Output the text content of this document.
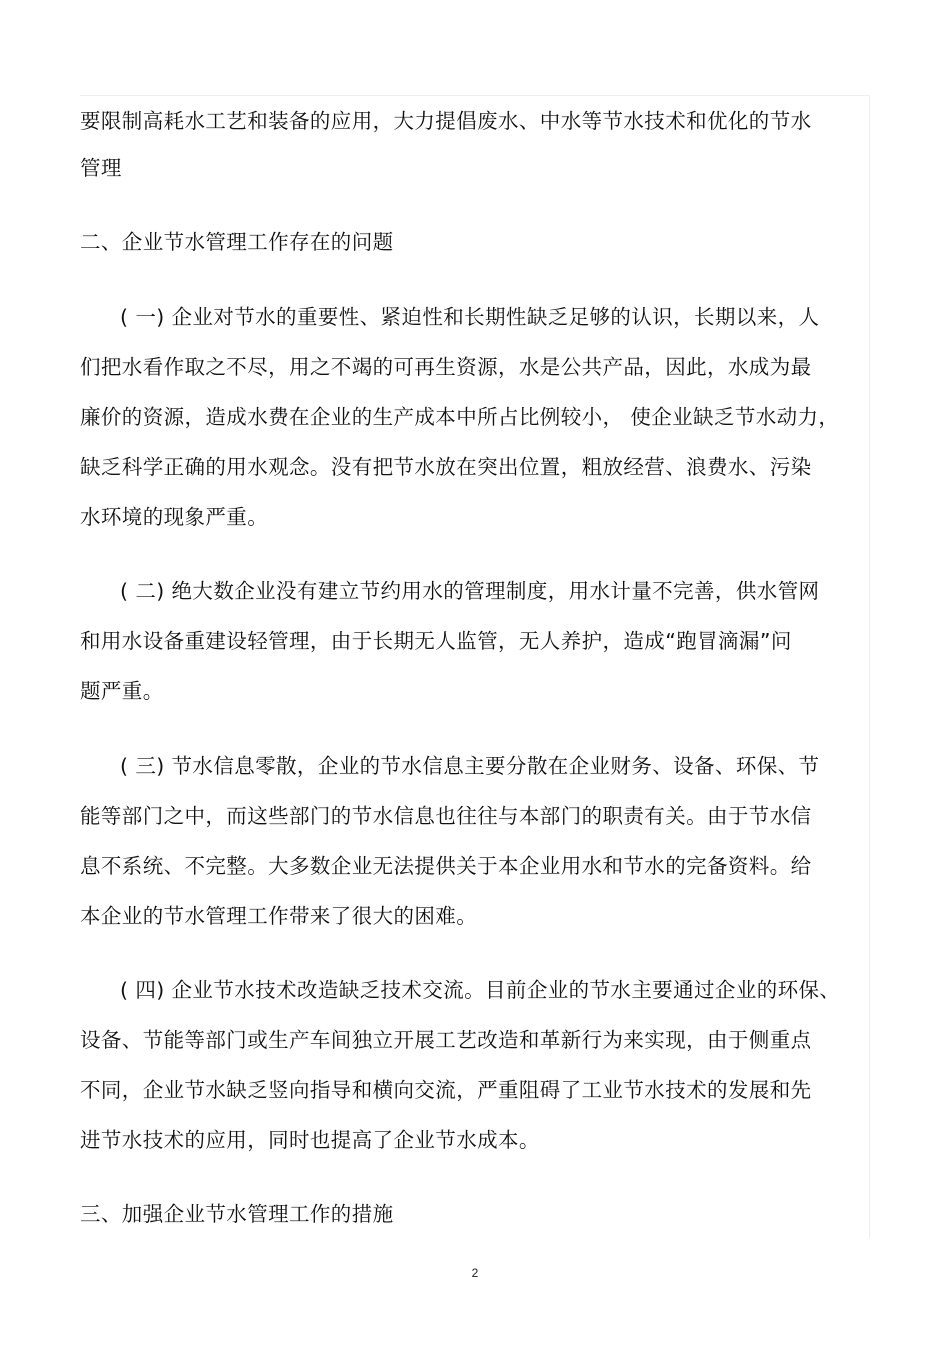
要限制高耗水工艺和装备的应用，大力提倡废水、中水等节水技术和优化的节水
管理
二、企业节水管理工作存在的问题
( 一) 企业对节水的重要性、紧迫性和长期性缺乏足够的认识，长期以来，人
们把水看作取之不尽，用之不竭的可再生资源，水是公共产品，因此，水成为最
廉价的资源，造成水费在企业的生产成本中所占比例较小， 使企业缺乏节水动力，
缺乏科学正确的用水观念。没有把节水放在突出位置，粗放经营、浪费水、污染
水环境的现象严重。
( 二) 绝大数企业没有建立节约用水的管理制度，用水计量不完善，供水管网
和用水设备重建设轻管理，由于长期无人监管，无人养护，造成“跑冒滴漏”问
题严重。
( 三) 节水信息零散，企业的节水信息主要分散在企业财务、设备、环保、节
能等部门之中，而这些部门的节水信息也往往与本部门的职责有关。由于节水信
息不系统、不完整。大多数企业无法提供关于本企业用水和节水的完备资料。给
本企业的节水管理工作带来了很大的困难。
( 四) 企业节水技术改造缺乏技术交流。目前企业的节水主要通过企业的环保、
设备、节能等部门或生产车间独立开展工艺改造和革新行为来实现，由于侧重点
不同，企业节水缺乏竖向指导和横向交流，严重阻碍了工业节水技术的发展和先
进节水技术的应用，同时也提高了企业节水成本。
三、加强企业节水管理工作的措施
2
